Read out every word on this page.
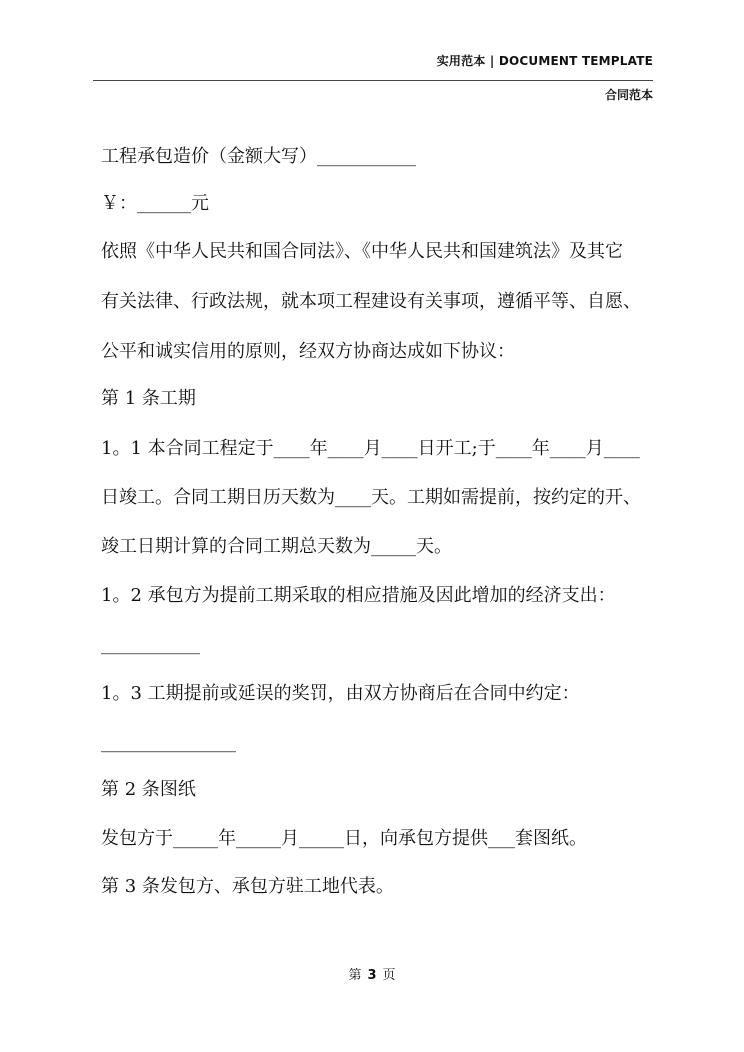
实用范本 | DOCUMENT TEMPLATE
合同范本
工程承包造价（金额大写）___________
￥：______元
依照《中华人民共和国合同法》、《中华人民共和国建筑法》及其它
有关法律、行政法规，就本项工程建设有关事项，遵循平等、自愿、
公平和诚实信用的原则，经双方协商达成如下协议：
第 1 条工期
1。1 本合同工程定于____年____月____日开工;于____年____月____
日竣工。合同工期日历天数为____天。工期如需提前，按约定的开、
竣工日期计算的合同工期总天数为_____天。
1。2 承包方为提前工期采取的相应措施及因此增加的经济支出：
___________
1。3 工期提前或延误的奖罚，由双方协商后在合同中约定：
_______________
第 2 条图纸
发包方于_____年_____月_____日，向承包方提供___套图纸。
第 3 条发包方、承包方驻工地代表。
第 3 页
